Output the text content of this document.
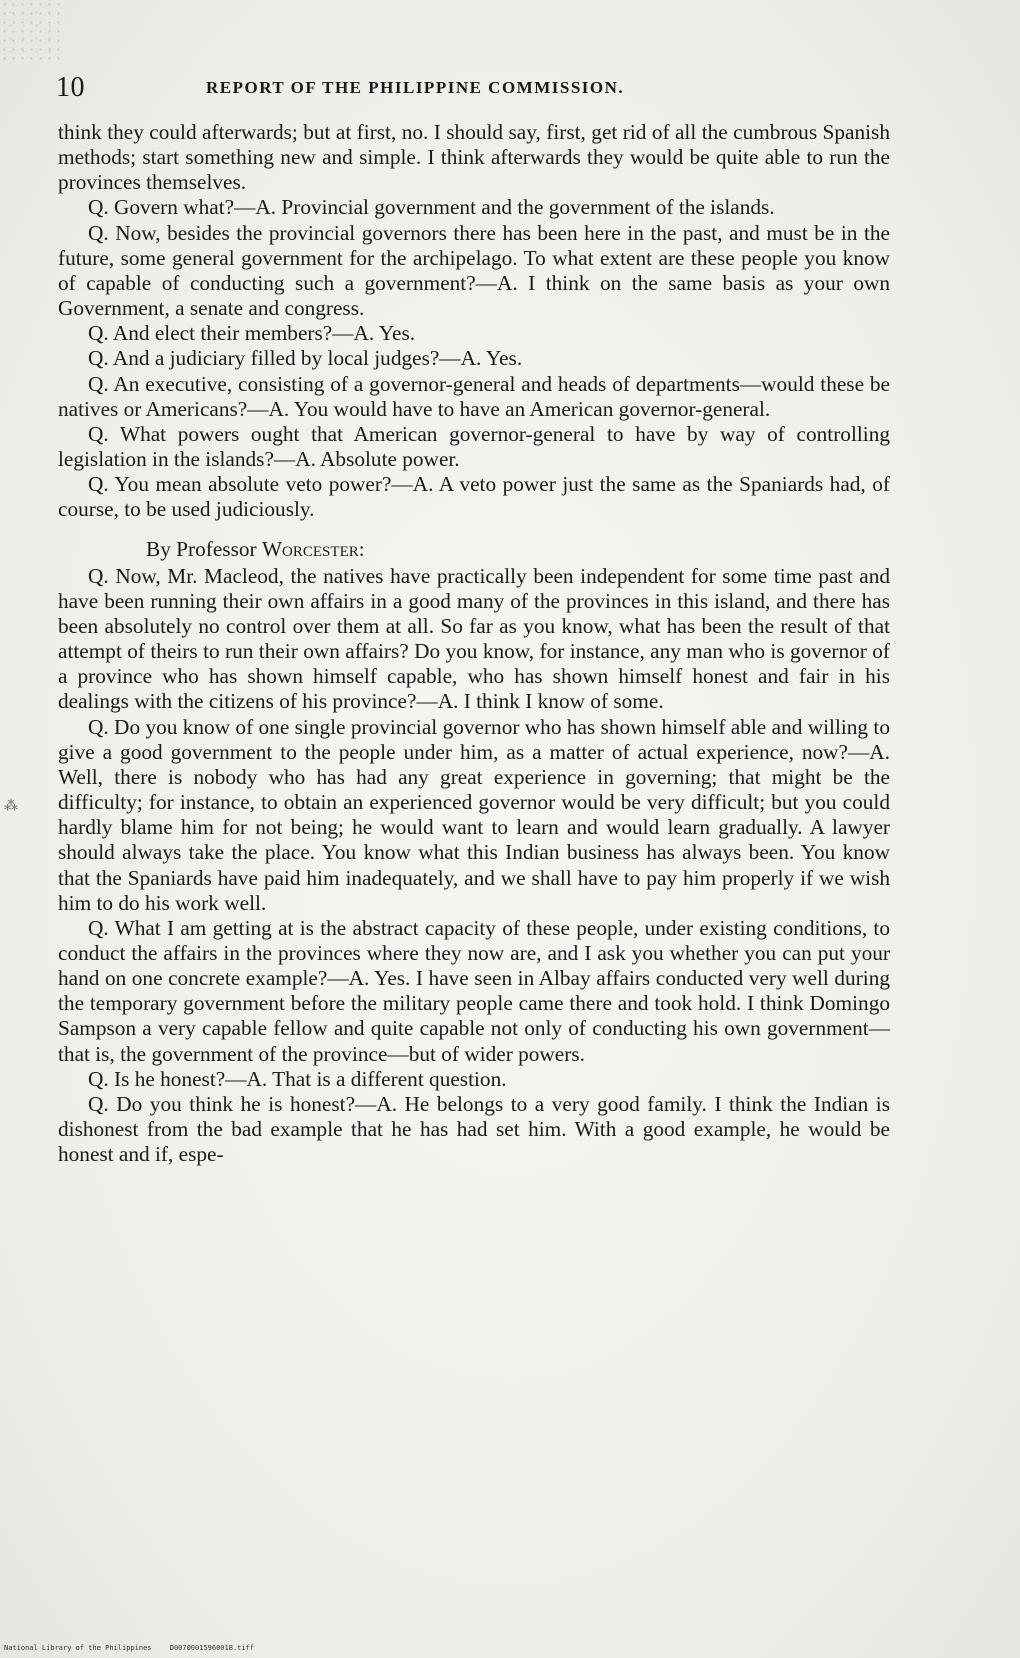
10	REPORT OF THE PHILIPPINE COMMISSION.

think they could afterwards; but at first, no. I should say, first, get rid of all the cumbrous Spanish methods; start something new and simple. I think afterwards they would be quite able to run the provinces themselves.

Q. Govern what?—A. Provincial government and the government of the islands.

Q. Now, besides the provincial governors there has been here in the past, and must be in the future, some general government for the archipelago. To what extent are these people you know of capable of conducting such a government?—A. I think on the same basis as your own Government, a senate and congress.

Q. And elect their members?—A. Yes.

Q. And a judiciary filled by local judges?—A. Yes.

Q. An executive, consisting of a governor-general and heads of departments—would these be natives or Americans?—A. You would have to have an American governor-general.

Q. What powers ought that American governor-general to have by way of controlling legislation in the islands?—A. Absolute power.

Q. You mean absolute veto power?—A. A veto power just the same as the Spaniards had, of course, to be used judiciously.

By Professor Worcester:

Q. Now, Mr. Macleod, the natives have practically been independent for some time past and have been running their own affairs in a good many of the provinces in this island, and there has been absolutely no control over them at all. So far as you know, what has been the result of that attempt of theirs to run their own affairs? Do you know, for instance, any man who is governor of a province who has shown himself capable, who has shown himself honest and fair in his dealings with the citizens of his province?—A. I think I know of some.

Q. Do you know of one single provincial governor who has shown himself able and willing to give a good government to the people under him, as a matter of actual experience, now?—A. Well, there is nobody who has had any great experience in governing; that might be the difficulty; for instance, to obtain an experienced governor would be very difficult; but you could hardly blame him for not being; he would want to learn and would learn gradually. A lawyer should always take the place. You know what this Indian business has always been. You know that the Spaniards have paid him inadequately, and we shall have to pay him properly if we wish him to do his work well.

Q. What I am getting at is the abstract capacity of these people, under existing conditions, to conduct the affairs in the provinces where they now are, and I ask you whether you can put your hand on one concrete example?—A. Yes. I have seen in Albay affairs conducted very well during the temporary government before the military people came there and took hold. I think Domingo Sampson a very capable fellow and quite capable not only of conducting his own government—that is, the government of the province—but of wider powers.

Q. Is he honest?—A. That is a different question.

Q. Do you think he is honest?—A. He belongs to a very good family. I think the Indian is dishonest from the bad example that he has had set him. With a good example, he would be honest and if, espe-

⁂
National Library of the Philippines	D0070001596001B.tiff
